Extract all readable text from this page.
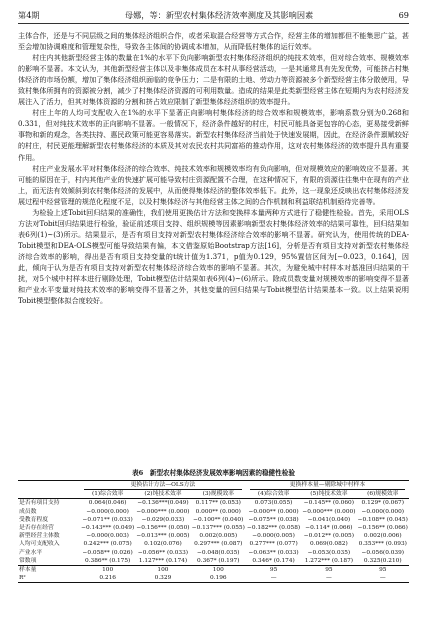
第4期	母娜，等：新型农村集体经济效率测度及其影响因素	69

主体合作，还是与不同层级之间的集体经济组织合作，或者采取混合经营等方式合作，经营主体的增加都但不能集思广益，甚至会增加协调难度和管理复杂性，导致各主体间的协调成本增加，从而降低村集体的运行效率。

村庄内其他新型经营主体的数量在1%的水平下负向影响新型农村集体经济组织的纯技术效率，但对综合效率、规模效率的影响不显著。本文认为，其他新型经营主体以及非集体成员在本村从事经营活动，一是其通常具有先发优势，可能挤占村集体经济的市场份额，增加了集体经济组织面临的竞争压力；二是有限的土地、劳动力等资源被多个新型经营主体分散使用，导致村集体所拥有的资源被分割，减少了村集体经济资源的可利用数量。造成的结果是此类新型经营主体在短期内为农村经济发展注入了活力，但其对集体资源的分割和挤占效应限制了新型集体经济组织的效率提升。

村庄上年的人均可支配收入在1%的水平下显著正向影响村集体经济的综合效率和规模效率，影响系数分别为0.268和0.331，但对纯技术效率的正向影响不显著。一般情况下，经济条件越好的村庄，村民可能具备更包容的心态，更易接受新鲜事物和新的观念，各类扶持、惠民政策可能更容易落实。新型农村集体经济当前处于快速发展期，因此，在经济条件禀赋较好的村庄，村民更能理解新型农村集体经济的本质及其对农民农村共同富裕的推动作用，这对农村集体经济的效率提升具有重要作用。

村庄产业发展水平对村集体经济的综合效率、纯技术效率和规模效率均有负向影响，但对规模效应的影响效应不显著。其可能的原因在于，村内其他产业的快速扩展可能导致村庄资源配置不合理，在这种情况下，有限的资源往往集中在现有的产业上，而无法有效倾斜到农村集体经济的发展中，从而使得集体经济的整体效率低下。此外，这一现象还反映出农村集体经济发展过程中经营管理的规范化程度不足，以及村集体经济与其他经营主体之间的合作机制和利益联结机制亟待完善等。

为检验上述Tobit回归结果的准确性，我们使用更换估计方法和变换样本量两种方式进行了稳健性检验。首先，采用OLS方法对Tobit回归结果进行检验，验证前述项目支持、组织规模等因素影响新型农村集体经济效率的结果可靠性，回归结果如表6列(1)~(3)所示。结果显示，是否有项目支持对新型农村集体经济综合效率的影响不显著。研究认为，使用传统的DEA-Tobit模型和DEA-OLS模型可能导致结果有偏，本文借鉴原始Bootstrap方法[16]，分析是否有项目支持对新型农村集体经济综合效率的影响，得出是否有项目支持变量的t统计值为1.371，p值为0.129，95%置信区间为[−0.023，0.164]，因此，倾向于认为是否有项目支持对新型农村集体经济综合效率的影响不显著。其次，为避免城中村样本对基准回归结果的干扰，对5个城中村样本进行剔除处理，Tobit模型估计结果如表6列(4)~(6)所示。除成员数变量对规模效率的影响变得不显著和产业水平变量对纯技术效率的影响变得不显著之外，其他变量的回归结果与Tobit模型估计结果基本一致。以上结果说明Tobit模型整体拟合度较好。

表6　新型农村集体经济发展效率影响因素的稳健性检验

	更换估计方法—OLS方法			更换样本量—剔除城中村样本		

	(1)综合效率	(2)纯技术效率	(3)规模效率	(4)综合效率	(5)纯技术效率	(6)规模效率
是否有项目支持	0.064(0.046)	−0.136***(0.049)	0.117** (0.053)	0.073(0.055)	−0.145** (0.060)	0.129* (0.067)
成员数	−0.000(0.000)	−0.000*** (0.000)	0.000** (0.000)	−0.000** (0.000)	−0.000*** (0.000)	−0.000(0.000)
受教育程度	−0.071** (0.033)	−0.029(0.033)	−0.100** (0.040)	−0.075** (0.038)	−0.041(0.040)	−0.108** (0.045)
是否存在经营	−0.143*** (0.049)	−0.156*** (0.050)	−0.137*** (0.055)	−0.182*** (0.058)	−0.114* (0.066)	−0.156** (0.066)
新型经营主体数	−0.000(0.003)	−0.013*** (0.005)	0.002(0.005)	−0.000(0.005)	−0.012** (0.005)	0.002(0.006)
人均可支配收入	0.242*** (0.075)	0.102(0.076)	0.297*** (0.087)	0.277*** (0.077)	0.069(0.082)	0.353*** (0.093)
产业水平	−0.058** (0.026)	−0.056** (0.033)	−0.048(0.035)	−0.063** (0.033)	−0.053(0.035)	−0.056(0.039)
常数项	0.386** (0.175)	1.127*** (0.174)	0.367* (0.197)	0.346* (0.174)	1.272*** (0.187)	0.325(0.210)
样本量	100	100	100	95	95	95
R²	0.216	0.329	0.196	—	—	—
